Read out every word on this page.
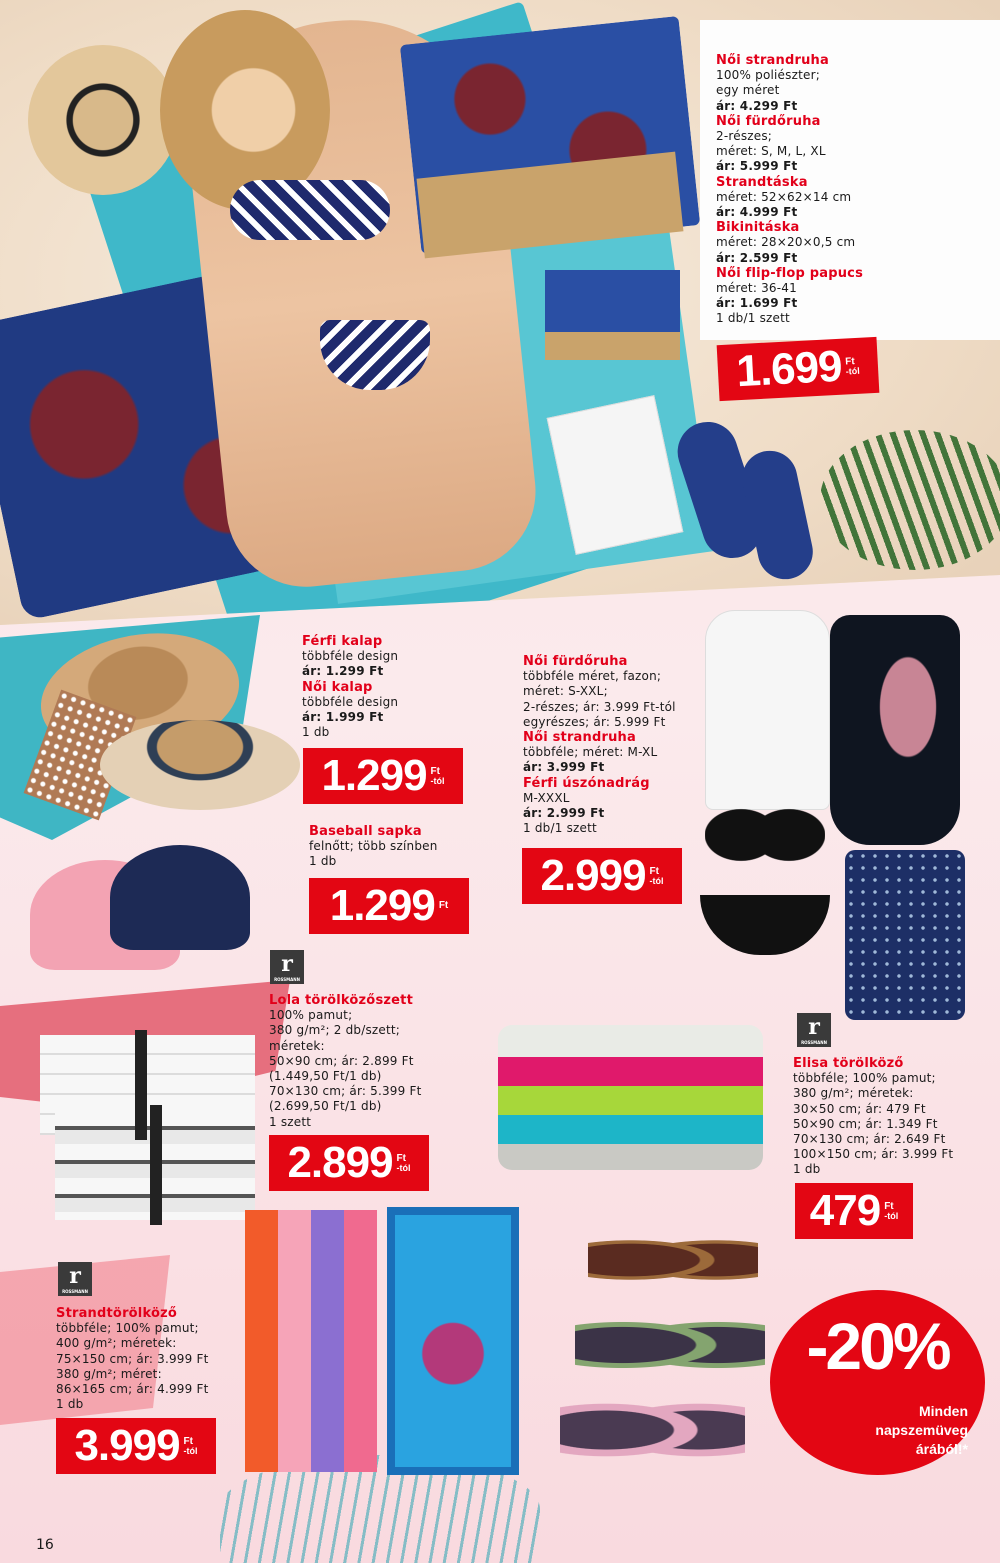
Női strandruha
100% poliészter;
egy méret
ár: 4.299 Ft
Női fürdőruha
2-részes;
méret: S, M, L, XL
ár: 5.999 Ft
Strandtáska
méret: 52×62×14 cm
ár: 4.999 Ft
Bikinitáska
méret: 28×20×0,5 cm
ár: 2.599 Ft
Női flip-flop papucs
méret: 36-41
ár: 1.699 Ft
1 db/1 szett
1.699 Ft
-tól
Férfi kalap
többféle design
ár: 1.299 Ft
Női kalap
többféle design
ár: 1.999 Ft
1 db
1.299 Ft
-tól
Baseball sapka
felnőtt; több színben
1 db
1.299 Ft
Női fürdőruha
többféle méret, fazon;
méret: S-XXL;
2-részes; ár: 3.999 Ft-tól
egyrészes; ár: 5.999 Ft
Női strandruha
többféle; méret: M-XL
ár: 3.999 Ft
Férfi úszónadrág
M-XXXL
ár: 2.999 Ft
1 db/1 szett
2.999 Ft
-tól
r
ROSSMANN
Lola törölközőszett
100% pamut;
380 g/m²; 2 db/szett;
méretek:
50×90 cm; ár: 2.899 Ft
(1.449,50 Ft/1 db)
70×130 cm; ár: 5.399 Ft
(2.699,50 Ft/1 db)
1 szett
2.899 Ft
-tól
r
ROSSMANN
Elisa törölköző
többféle; 100% pamut;
380 g/m²; méretek:
30×50 cm; ár: 479 Ft
50×90 cm; ár: 1.349 Ft
70×130 cm; ár: 2.649 Ft
100×150 cm; ár: 3.999 Ft
1 db
479 Ft
-tól
r
ROSSMANN
Strandtörölköző
többféle; 100% pamut;
400 g/m²; méretek:
75×150 cm; ár: 3.999 Ft
380 g/m²; méret:
86×165 cm; ár: 4.999 Ft
1 db
3.999 Ft
-tól
-20%
Minden
napszemüveg
árából!*
16
